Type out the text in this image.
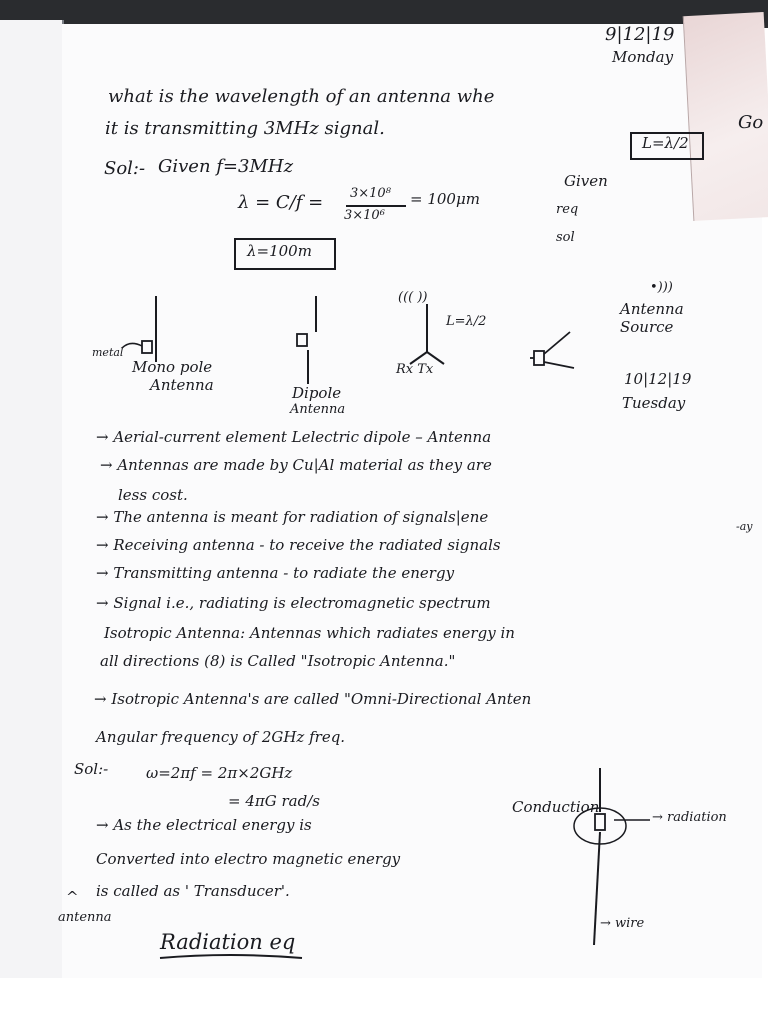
9|12|19
Monday
Go
what is the wavelength of an antenna whe
it is transmitting 3MHz signal.
L=λ/2
Sol:- Given f=3MHz
λ = C/f = 3×10⁸
3×10⁶
= 100μm
λ=100m
Given
req
sol
((( ))
L=λ/2
Rx Tx
•)))
Antenna Source
metal
Mono pole
Antenna	Dipole
Antenna
10|12|19
Tuesday
→ Aerial-current element Lelectric dipole – Antenna
→ Antennas are made by Cu|Al material as they are
less cost.
→ The antenna is meant for radiation of signals|ene
-ay
→ Receiving antenna - to receive the radiated signals
→ Transmitting antenna - to radiate the energy
→ Signal i.e., radiating is electromagnetic spectrum
Isotropic Antenna: Antennas which radiates energy in
all directions (8) is Called "Isotropic Antenna."
→ Isotropic Antenna's are called "Omni-Directional Anten
Angular frequency of 2GHz freq.
Sol:-	ω=2πf = 2π×2GHz
= 4πG rad/s
→ As the electrical energy is
Converted into electro magnetic energy
is called as ' Transducer'.
^
antenna
Conduction
→ radiation
→ wire
Radiation eq
